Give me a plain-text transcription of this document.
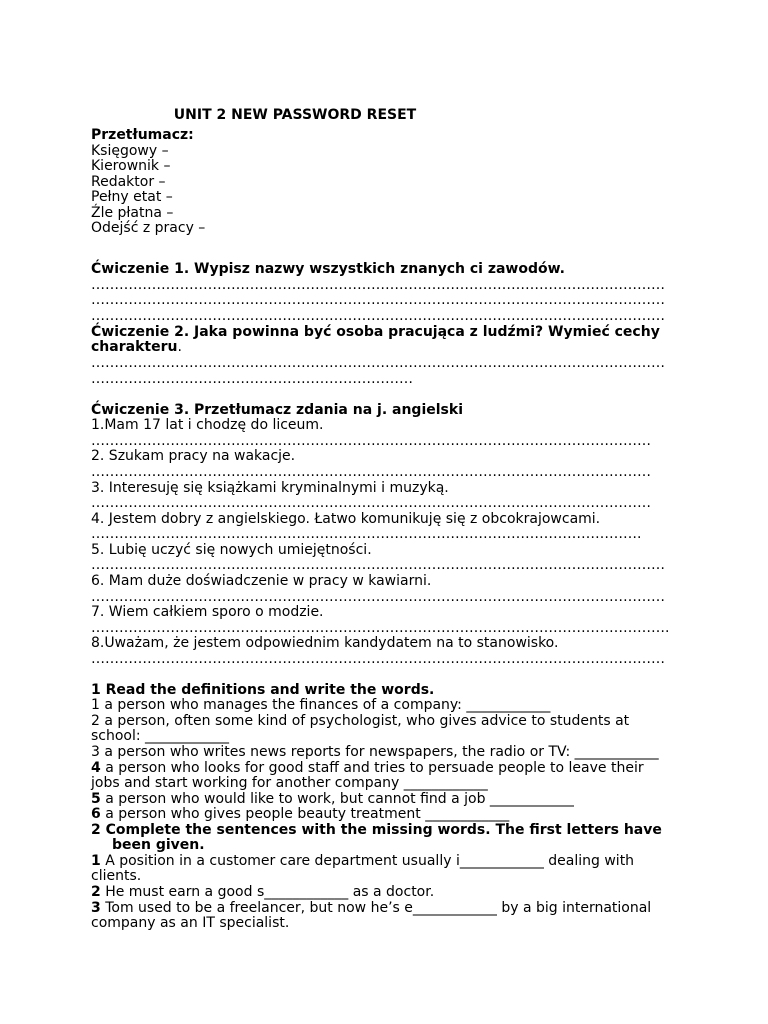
UNIT 2 NEW PASSWORD RESET
Przetłumacz:
Księgowy –
Kierownik –
Redaktor –
Pełny etat –
Źle płatna –
Odejść z pracy –
Ćwiczenie 1. Wypisz nazwy wszystkich znanych ci zawodów.
……………………………………………………………………………………………………………
……………………………………………………………………………………………………………
……………………………………………………………………………………………………………
Ćwiczenie 2. Jaka powinna być osoba pracująca z ludźmi? Wymieć cechy
charakteru.
……………………………………………………………………………………………………………
……………………………………………………………
Ćwiczenie 3. Przetłumacz zdania na j. angielski
1.Mam 17 lat i chodzę do liceum.
…………………………………………………………………………………………………………
2. Szukam pracy na wakacje.
…………………………………………………………………………………………………………
3. Interesuję się książkami kryminalnymi i muzyką.
…………………………………………………………………………………………………………
4. Jestem dobry z angielskiego. Łatwo komunikuję się z obcokrajowcami.
……………………………………………………………………………………………………….
5. Lubię uczyć się nowych umiejętności.
……………………………………………………………………………………………………………
6. Mam duże doświadczenie w pracy w kawiarni.
……………………………………………………………………………………………………………
7. Wiem całkiem sporo o modzie.
…………………………………………………………………………………………………………….
8.Uważam, że jestem odpowiednim kandydatem na to stanowisko.
……………………………………………………………………………………………………………
1 Read the definitions and write the words.
1 a person who manages the finances of a company: ____________
2 a person, often some kind of psychologist, who gives advice to students at
school: ____________
3 a person who writes news reports for newspapers, the radio or TV: ____________
4 a person who looks for good staff and tries to persuade people to leave their
jobs and start working for another company ____________
5 a person who would like to work, but cannot find a job ____________
6 a person who gives people beauty treatment ____________
2 Complete the sentences with the missing words. The first letters have
been given.
1 A position in a customer care department usually i____________ dealing with
clients.
2 He must earn a good s____________ as a doctor.
3 Tom used to be a freelancer, but now he’s e____________ by a big international
company as an IT specialist.
